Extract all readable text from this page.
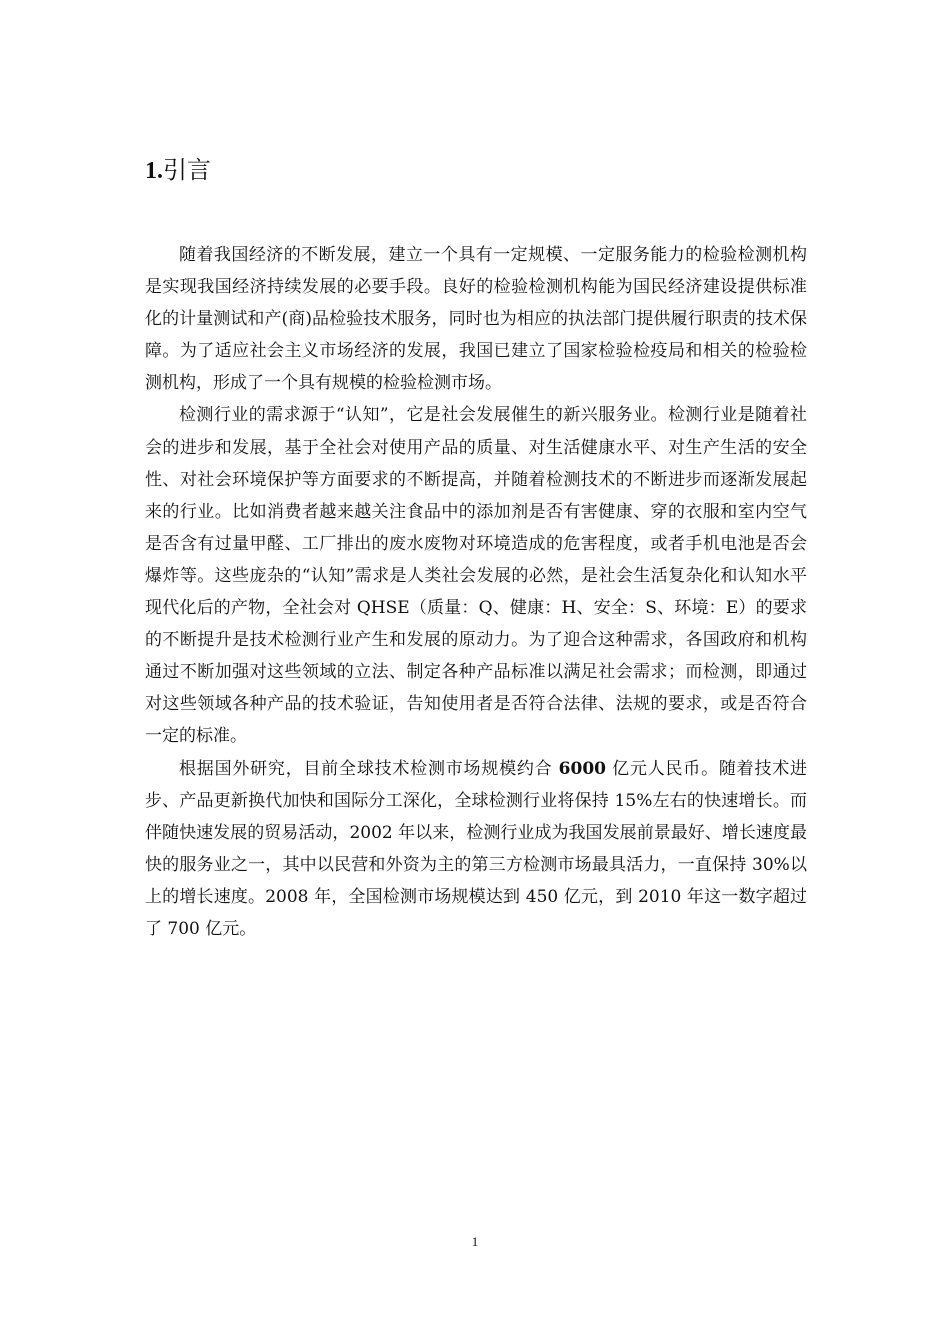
1.引言

随着我国经济的不断发展，建立一个具有一定规模、一定服务能力的检验检测机构是实现我国经济持续发展的必要手段。良好的检验检测机构能为国民经济建设提供标准化的计量测试和产(商)品检验技术服务，同时也为相应的执法部门提供履行职责的技术保障。为了适应社会主义市场经济的发展，我国已建立了国家检验检疫局和相关的检验检测机构，形成了一个具有规模的检验检测市场。

检测行业的需求源于“认知”，它是社会发展催生的新兴服务业。检测行业是随着社会的进步和发展，基于全社会对使用产品的质量、对生活健康水平、对生产生活的安全性、对社会环境保护等方面要求的不断提高，并随着检测技术的不断进步而逐渐发展起来的行业。比如消费者越来越关注食品中的添加剂是否有害健康、穿的衣服和室内空气是否含有过量甲醛、工厂排出的废水废物对环境造成的危害程度，或者手机电池是否会爆炸等。这些庞杂的“认知”需求是人类社会发展的必然，是社会生活复杂化和认知水平现代化后的产物，全社会对 QHSE（质量：Q、健康：H、安全：S、环境：E）的要求的不断提升是技术检测行业产生和发展的原动力。为了迎合这种需求，各国政府和机构通过不断加强对这些领域的立法、制定各种产品标准以满足社会需求；而检测，即通过对这些领域各种产品的技术验证，告知使用者是否符合法律、法规的要求，或是否符合一定的标准。

根据国外研究，目前全球技术检测市场规模约合 6000 亿元人民币。随着技术进步、产品更新换代加快和国际分工深化，全球检测行业将保持 15%左右的快速增长。而伴随快速发展的贸易活动，2002 年以来，检测行业成为我国发展前景最好、增长速度最快的服务业之一，其中以民营和外资为主的第三方检测市场最具活力，一直保持 30%以上的增长速度。2008 年，全国检测市场规模达到 450 亿元，到 2010 年这一数字超过了 700 亿元。

1
